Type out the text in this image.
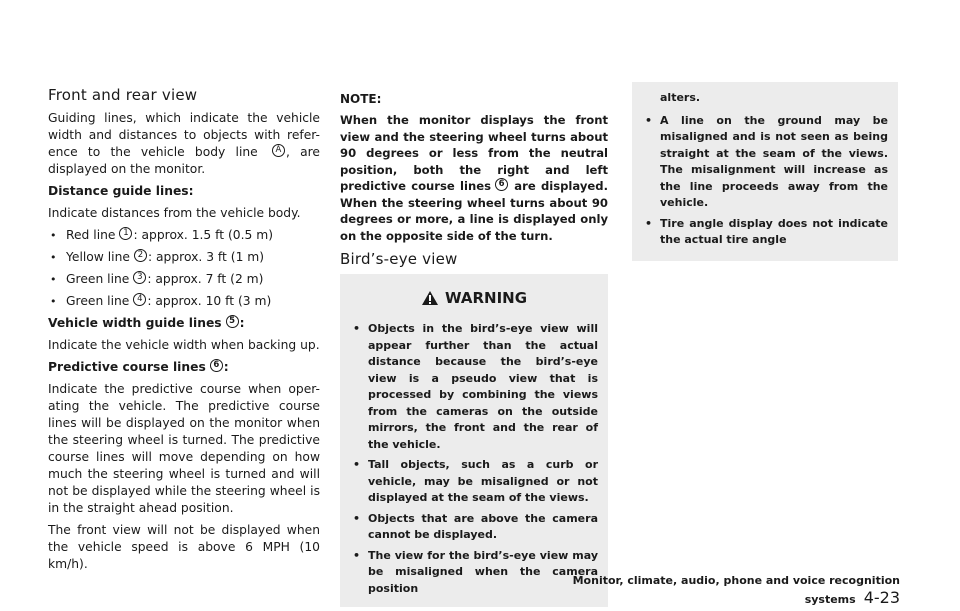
Front and rear view

Guiding lines, which indicate the vehicle width and distances to objects with refer-ence to the vehicle body line A , are displayed on the monitor.

Distance guide lines:

Indicate distances from the vehicle body.

• Red line 1 : approx. 1.5 ft (0.5 m)
• Yellow line 2 : approx. 3 ft (1 m)
• Green line 3 : approx. 7 ft (2 m)
• Green line 4 : approx. 10 ft (3 m)

Vehicle width guide lines 5 :

Indicate the vehicle width when backing up.

Predictive course lines 6 :

Indicate the predictive course when oper-ating the vehicle. The predictive course lines will be displayed on the monitor when the steering wheel is turned. The predictive course lines will move depending on how much the steering wheel is turned and will not be displayed while the steering wheel is in the straight ahead position.

The front view will not be displayed when the vehicle speed is above 6 MPH (10 km/h).

NOTE:

When the monitor displays the front view and the steering wheel turns about 90 degrees or less from the neutral position, both the right and left predictive course lines 6 are displayed. When the steering wheel turns about 90 degrees or more, a line is displayed only on the opposite side of the turn.

Bird’s-eye view
WARNING
• Objects in the bird’s-eye view will appear further than the actual distance because the bird’s-eye view is a pseudo view that is processed by combining the views from the cameras on the outside mirrors, the front and the rear of the vehicle.
• Tall objects, such as a curb or vehicle, may be misaligned or not displayed at the seam of the views.
• Objects that are above the camera cannot be displayed.
• The view for the bird’s-eye view may be misaligned when the camera position

alters.

• A line on the ground may be misaligned and is not seen as being straight at the seam of the views. The misalignment will increase as the line proceeds away from the vehicle.
• Tire angle display does not indicate the actual tire angle
Monitor, climate, audio, phone and voice recognition systems 4-23
